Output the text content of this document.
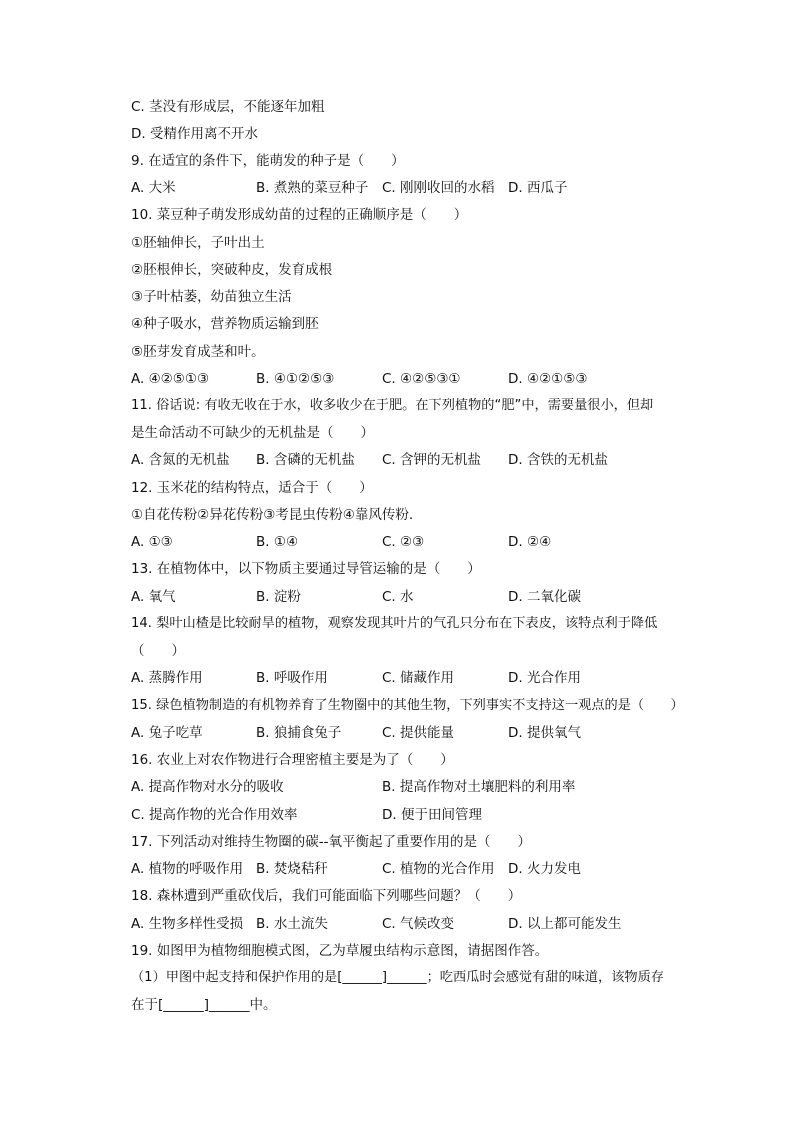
C. 茎没有形成层，不能逐年加粗
D. 受精作用离不开水
9. 在适宜的条件下，能萌发的种子是（　　）
A. 大米	B. 煮熟的菜豆种子 C. 刚刚收回的水稻 D. 西瓜子
10. 菜豆种子萌发形成幼苗的过程的正确顺序是（　　）
①胚轴伸长，子叶出土
②胚根伸长，突破种皮，发育成根
③子叶枯萎，幼苗独立生活
④种子吸水，营养物质运输到胚
⑤胚芽发育成茎和叶。
A. ④②⑤①③	B. ④①②⑤③	C. ④②⑤③①	D. ④②①⑤③
11. 俗话说: 有收无收在于水，收多收少在于肥。在下列植物的“肥”中，需要量很小，但却
是生命活动不可缺少的无机盐是（　　）
A. 含氮的无机盐 B. 含磷的无机盐 C. 含钾的无机盐 D. 含铁的无机盐
12. 玉米花的结构特点，适合于（　　）
①自花传粉②异花传粉③考昆虫传粉④靠风传粉.
A. ①③	B. ①④	C. ②③	D. ②④
13. 在植物体中，以下物质主要通过导管运输的是（　　）
A. 氧气	B. 淀粉	C. 水	D. 二氧化碳
14. 梨叶山楂是比较耐旱的植物，观察发现其叶片的气孔只分布在下表皮，该特点利于降低
（　　）
A. 蒸腾作用	B. 呼吸作用	C. 储藏作用	D. 光合作用
15. 绿色植物制造的有机物养育了生物圈中的其他生物，下列事实不支持这一观点的是（　　）
A. 兔子吃草	B. 狼捕食兔子	C. 提供能量	D. 提供氧气
16. 农业上对农作物进行合理密植主要是为了（　　）
A. 提高作物对水分的吸收	B. 提高作物对土壤肥料的利用率
C. 提高作物的光合作用效率	D. 便于田间管理
17. 下列活动对维持生物圈的碳--氧平衡起了重要作用的是（　　）
A. 植物的呼吸作用 B. 焚烧秸秆	C. 植物的光合作用 D. 火力发电
18. 森林遭到严重砍伐后，我们可能面临下列哪些问题？（　　）
A. 生物多样性受损 B. 水土流失	C. 气候改变	D. 以上都可能发生
19. 如图甲为植物细胞模式图，乙为草履虫结构示意图，请据图作答。
（1）甲图中起支持和保护作用的是[______]______；吃西瓜时会感觉有甜的味道，该物质存
在于[______]______中。
